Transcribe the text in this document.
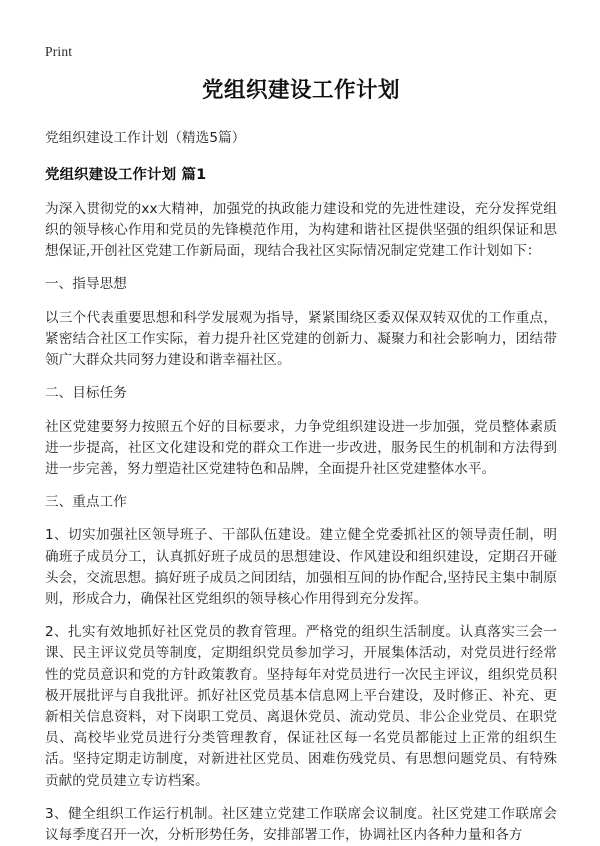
Print
党组织建设工作计划

党组织建设工作计划（精选5篇）

党组织建设工作计划 篇1

为深入贯彻党的xx大精神，加强党的执政能力建设和党的先进性建设，充分发挥党组织的领导核心作用和党员的先锋模范作用，为构建和谐社区提供坚强的组织保证和思想保证,开创社区党建工作新局面，现结合我社区实际情况制定党建工作计划如下：

一、指导思想

以三个代表重要思想和科学发展观为指导，紧紧围绕区委双保双转双优的工作重点，紧密结合社区工作实际，着力提升社区党建的创新力、凝聚力和社会影响力，团结带领广大群众共同努力建设和谐幸福社区。

二、目标任务

社区党建要努力按照五个好的目标要求，力争党组织建设进一步加强，党员整体素质进一步提高，社区文化建设和党的群众工作进一步改进，服务民生的机制和方法得到进一步完善，努力塑造社区党建特色和品牌，全面提升社区党建整体水平。

三、重点工作

1、切实加强社区领导班子、干部队伍建设。建立健全党委抓社区的领导责任制，明确班子成员分工，认真抓好班子成员的思想建设、作风建设和组织建设，定期召开碰头会，交流思想。搞好班子成员之间团结，加强相互间的协作配合,坚持民主集中制原则，形成合力，确保社区党组织的领导核心作用得到充分发挥。

2、扎实有效地抓好社区党员的教育管理。严格党的组织生活制度。认真落实三会一课、民主评议党员等制度，定期组织党员参加学习，开展集体活动，对党员进行经常性的党员意识和党的方针政策教育。坚持每年对党员进行一次民主评议，组织党员积极开展批评与自我批评。抓好社区党员基本信息网上平台建设，及时修正、补充、更新相关信息资料，对下岗职工党员、离退休党员、流动党员、非公企业党员、在职党员、高校毕业党员进行分类管理教育，保证社区每一名党员都能过上正常的组织生活。坚持定期走访制度，对新进社区党员、困难伤残党员、有思想问题党员、有特殊贡献的党员建立专访档案。

3、健全组织工作运行机制。社区建立党建工作联席会议制度。社区党建工作联席会议每季度召开一次，分析形势任务，安排部署工作，协调社区内各种力量和各方
